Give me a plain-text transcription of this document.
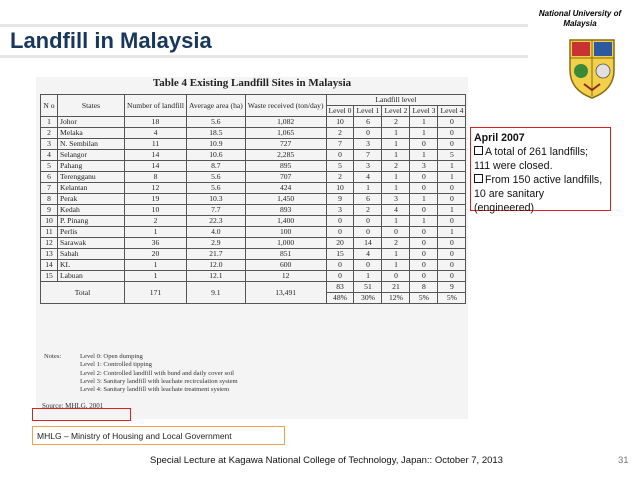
Landfill in Malaysia
National University of
Malaysia
Table 4 Existing Landfill Sites in Malaysia
N o	States	Number of landfill	Average area (ha)	Waste received (ton/day)	Landfill level				
					Level 0	Level 1	Level 2	Level 3	Level 4
1	Johor	18	5.6	1,082	10	6	2	1	0
2	Melaka	4	18.5	1,065	2	0	1	1	0
3	N. Sembilan	11	10.9	727	7	3	1	0	0
4	Selangor	14	10.6	2,285	0	7	1	1	5
5	Pahang	14	8.7	895	5	3	2	3	1
6	Terengganu	8	5.6	707	2	4	1	0	1
7	Kelantan	12	5.6	424	10	1	1	0	0
8	Perak	19	10.3	1,450	9	6	3	1	0
9	Kedah	10	7.7	893	3	2	4	0	1
10	P. Pinang	2	22.3	1,400	0	0	1	1	0
11	Perlis	1	4.0	100	0	0	0	0	1
12	Sarawak	36	2.9	1,000	20	14	2	0	0
13	Sabah	20	21.7	851	15	4	1	0	0
14	KL	1	12.0	600	0	0	1	0	0
15	Labuan	1	12.1	12	0	1	0	0	0
Total		171	9.1	13,491	83	51	21	8	9
					48%	30%	12%	5%	5%
Notes:	Level 0: Open dumping
Level 1: Controlled tipping
Level 2: Controlled landfill with bund and daily cover soil
Level 3: Sanitary landfill with leachate recirculation system
Level 4: Sanitary landfill with leachate treatment system
Source: MHLG, 2001
April 2007
A total of 261 landfills; 111 were closed.
From 150 active landfills, 10 are sanitary (engineered)
MHLG – Ministry of Housing and Local Government
Special Lecture at Kagawa National College of Technology, Japan:: October 7, 2013	31
